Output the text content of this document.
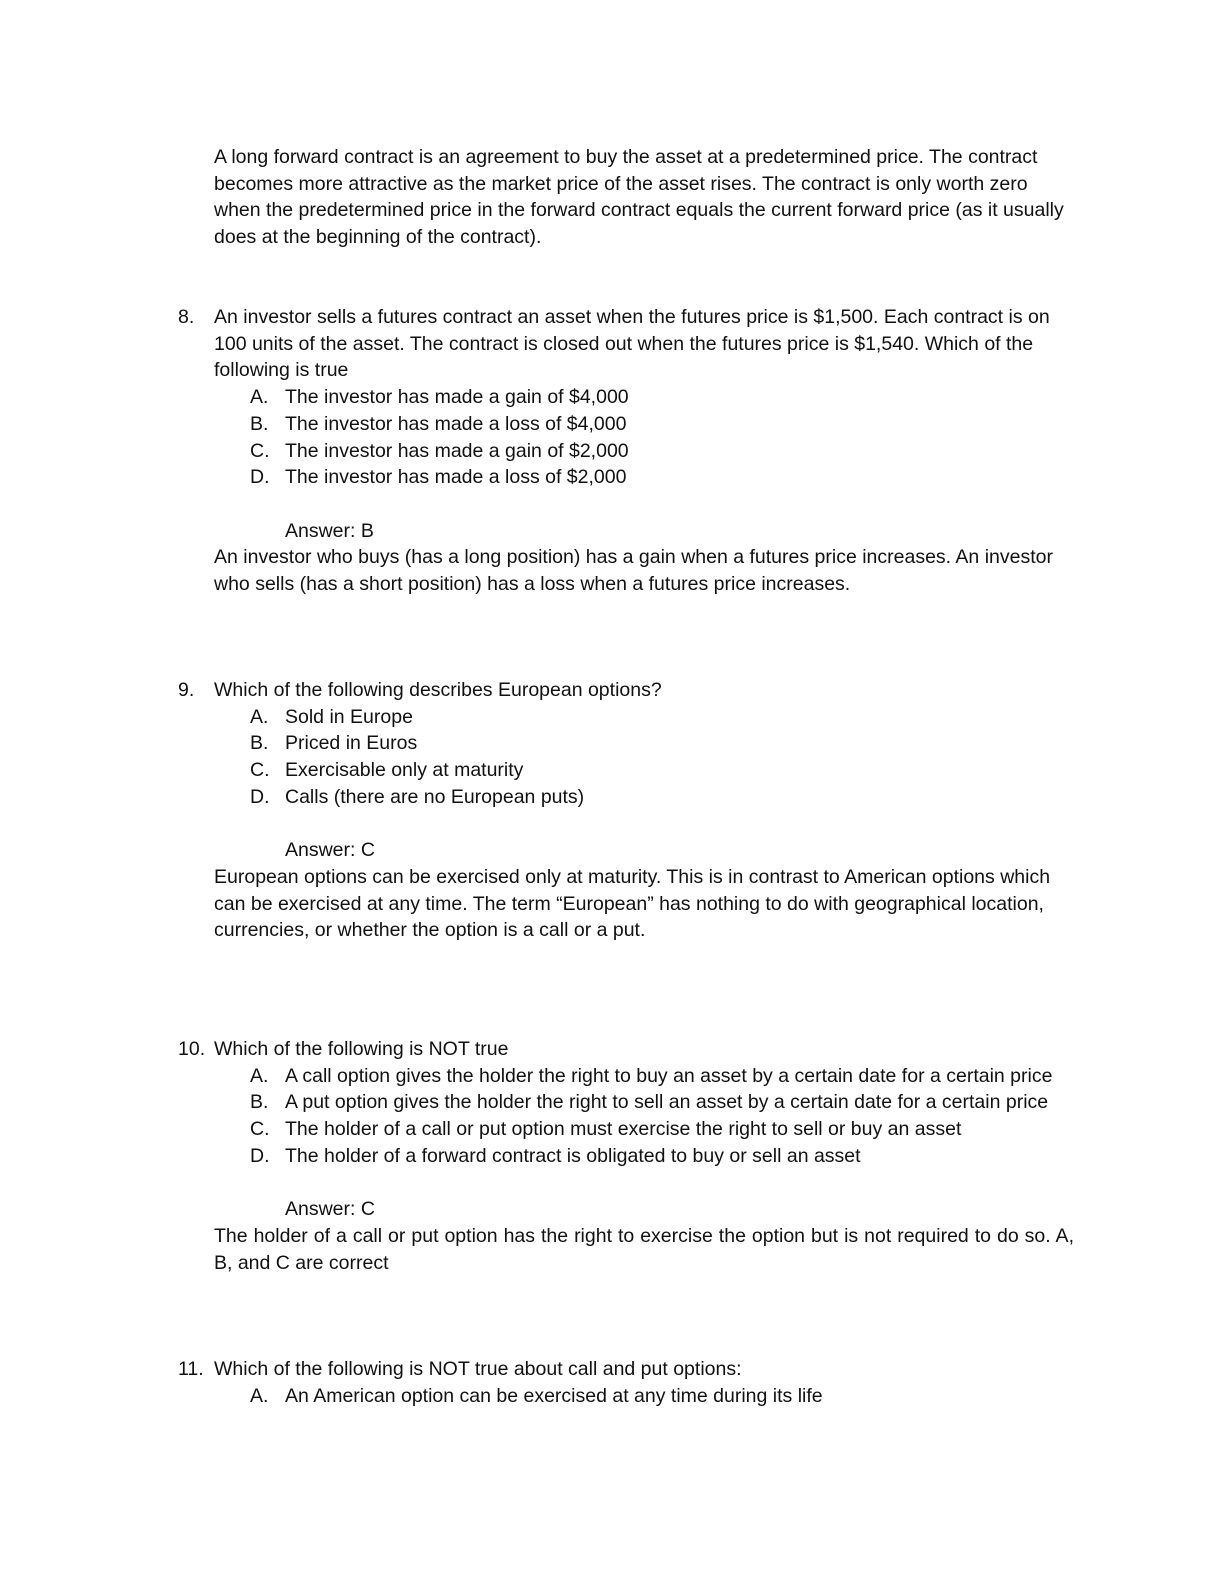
A long forward contract is an agreement to buy the asset at a predetermined price. The contract becomes more attractive as the market price of the asset rises. The contract is only worth zero when the predetermined price in the forward contract equals the current forward price (as it usually does at the beginning of the contract).

8. An investor sells a futures contract an asset when the futures price is $1,500. Each contract is on 100 units of the asset. The contract is closed out when the futures price is $1,540. Which of the following is true

A. The investor has made a gain of $4,000
B. The investor has made a loss of $4,000
C. The investor has made a gain of $2,000
D. The investor has made a loss of $2,000
Answer: B

An investor who buys (has a long position) has a gain when a futures price increases. An investor who sells (has a short position) has a loss when a futures price increases.

9. Which of the following describes European options?

A. Sold in Europe
B. Priced in Euros
C. Exercisable only at maturity
D. Calls (there are no European puts)
Answer: C

European options can be exercised only at maturity. This is in contrast to American options which can be exercised at any time. The term “European” has nothing to do with geographical location, currencies, or whether the option is a call or a put.

10. Which of the following is NOT true

A. A call option gives the holder the right to buy an asset by a certain date for a certain price
B. A put option gives the holder the right to sell an asset by a certain date for a certain price
C. The holder of a call or put option must exercise the right to sell or buy an asset
D. The holder of a forward contract is obligated to buy or sell an asset
Answer: C

The holder of a call or put option has the right to exercise the option but is not required to do so. A, B, and C are correct

11. Which of the following is NOT true about call and put options:

A. An American option can be exercised at any time during its life
